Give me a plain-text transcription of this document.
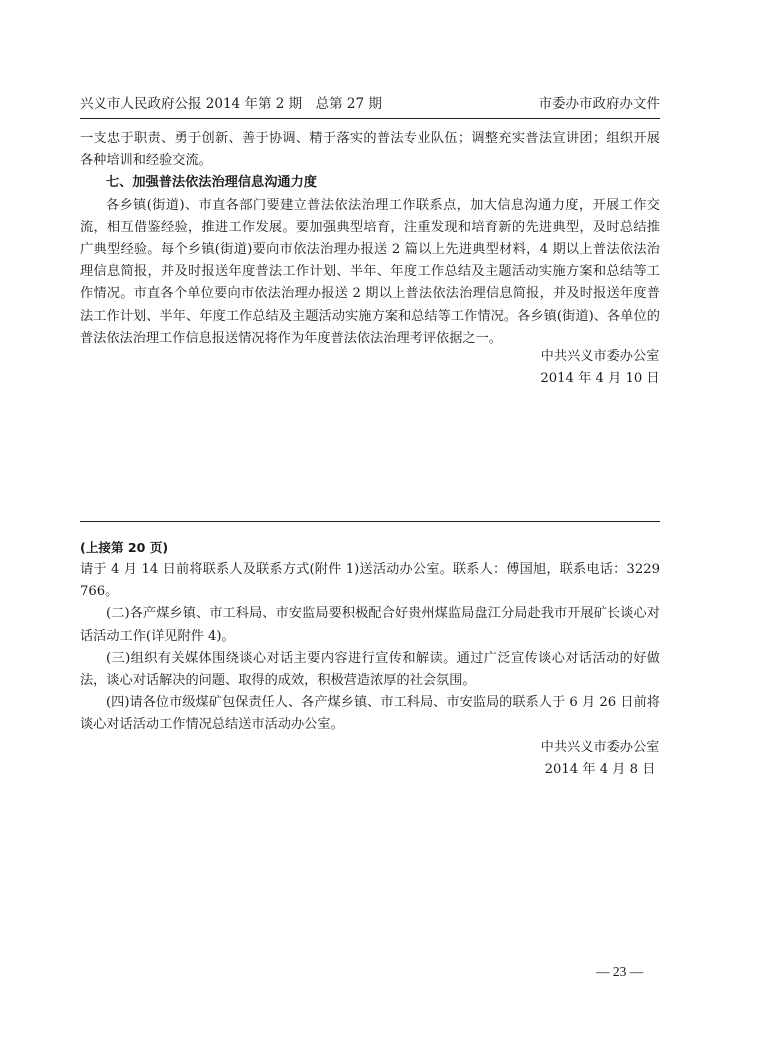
兴义市人民政府公报 2014 年第 2 期　总第 27 期	市委办市政府办文件

一支忠于职责、勇于创新、善于协调、精于落实的普法专业队伍；调整充实普法宣讲团；组织开展各种培训和经验交流。

七、加强普法依法治理信息沟通力度

各乡镇(街道)、市直各部门要建立普法依法治理工作联系点，加大信息沟通力度，开展工作交流，相互借鉴经验，推进工作发展。要加强典型培育，注重发现和培育新的先进典型，及时总结推广典型经验。每个乡镇(街道)要向市依法治理办报送 2 篇以上先进典型材料，4 期以上普法依法治理信息简报，并及时报送年度普法工作计划、半年、年度工作总结及主题活动实施方案和总结等工作情况。市直各个单位要向市依法治理办报送 2 期以上普法依法治理信息简报，并及时报送年度普法工作计划、半年、年度工作总结及主题活动实施方案和总结等工作情况。各乡镇(街道)、各单位的普法依法治理工作信息报送情况将作为年度普法依法治理考评依据之一。

中共兴义市委办公室
2014 年 4 月 10 日

(上接第 20 页)

请于 4 月 14 日前将联系人及联系方式(附件 1)送活动办公室。联系人：傅国旭，联系电话：3229766。

(二)各产煤乡镇、市工科局、市安监局要积极配合好贵州煤监局盘江分局赴我市开展矿长谈心对话活动工作(详见附件 4)。

(三)组织有关媒体围绕谈心对话主要内容进行宣传和解读。通过广泛宣传谈心对话活动的好做法，谈心对话解决的问题、取得的成效，积极营造浓厚的社会氛围。

(四)请各位市级煤矿包保责任人、各产煤乡镇、市工科局、市安监局的联系人于 6 月 26 日前将谈心对话活动工作情况总结送市活动办公室。

中共兴义市委办公室
2014 年 4 月 8 日
— 23 —
